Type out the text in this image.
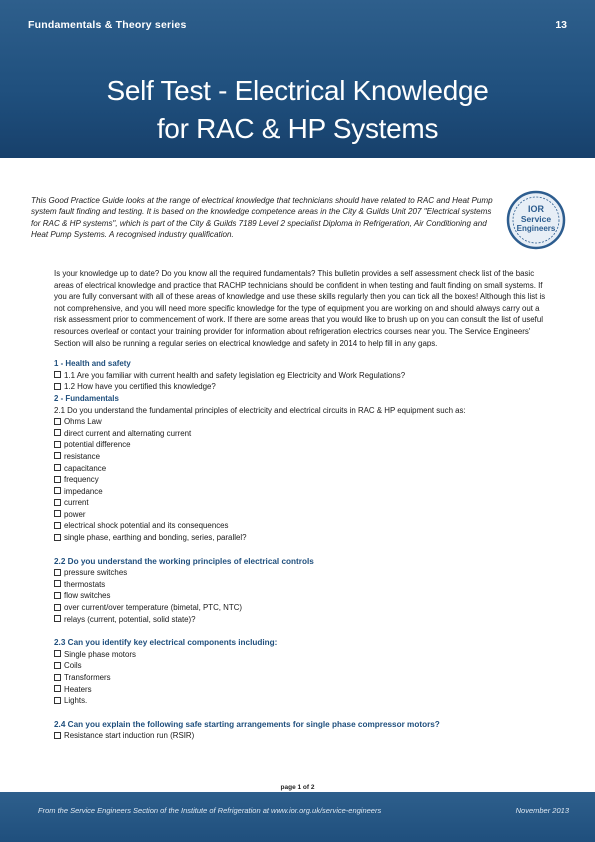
Fundamentals & Theory series	13
Self Test - Electrical Knowledge
for RAC & HP Systems

This Good Practice Guide looks at the range of electrical knowledge that technicians should have related to RAC and Heat Pump system fault finding and testing. It is based on the knowledge competence areas in the City & Guilds Unit 207 "Electrical systems for RAC & HP systems", which is part of the City & Guilds 7189 Level 2 specialist Diploma in Refrigeration, Air Conditioning and Heat Pump Systems. A recognised industry qualification.

IOR
Service
Engineers

Is your knowledge up to date? Do you know all the required fundamentals? This bulletin provides a self assessment check list of the basic areas of electrical knowledge and practice that RACHP technicians should be confident in when testing and fault finding on small systems. If you are fully conversant with all of these areas of knowledge and use these skills regularly then you can tick all the boxes! Although this list is not comprehensive, and you will need more specific knowledge for the type of equipment you are working on and should always carry out a risk assessment prior to commencement of work. If there are some areas that you would like to brush up on you can consult the list of useful resources overleaf or contact your training provider for information about refrigeration electrics courses near you. The Service Engineers' Section will also be running a regular series on electrical knowledge and safety in 2014 to help fill in any gaps.

1 - Health and safety

1.1 Are you familiar with current health and safety legislation eg Electricity and Work Regulations?
1.2 How have you certified this knowledge?

2 - Fundamentals

2.1 Do you understand the fundamental principles of electricity and electrical circuits in RAC & HP equipment such as:

Ohms Law
direct current and alternating current
potential difference
resistance
capacitance
frequency
impedance
current
power
electrical shock potential and its consequences
single phase, earthing and bonding, series, parallel?

2.2 Do you understand the working principles of electrical controls

pressure switches
thermostats
flow switches
over current/over temperature (bimetal, PTC, NTC)
relays (current, potential, solid state)?

2.3 Can you identify key electrical components including:

Single phase motors
Coils
Transformers
Heaters
Lights.

2.4 Can you explain the following safe starting arrangements for single phase compressor motors?

Resistance start induction run (RSIR)
page 1 of 2
From the Service Engineers Section of the Institute of Refrigeration at www.ior.org.uk/service-engineers	November 2013
